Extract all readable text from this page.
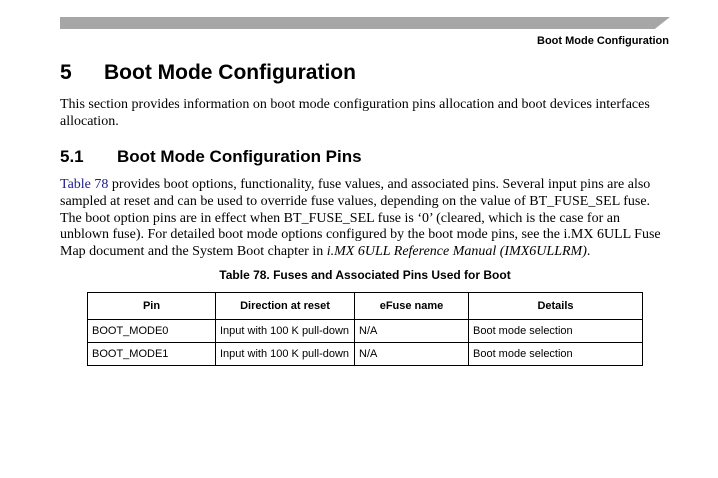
Boot Mode Configuration
5 Boot Mode Configuration

This section provides information on boot mode configuration pins allocation and boot devices interfaces allocation.

5.1 Boot Mode Configuration Pins

Table 78 provides boot options, functionality, fuse values, and associated pins. Several input pins are also
sampled at reset and can be used to override fuse values, depending on the value of BT_FUSE_SEL fuse.
The boot option pins are in effect when BT_FUSE_SEL fuse is ‘0’ (cleared, which is the case for an
unblown fuse). For detailed boot mode options configured by the boot mode pins, see the i.MX 6ULL Fuse
Map document and the System Boot chapter in i.MX 6ULL Reference Manual (IMX6ULLRM).

Table 78. Fuses and Associated Pins Used for Boot

Pin	Direction at reset	eFuse name	Details
BOOT_MODE0	Input with 100 K pull-down	N/A	Boot mode selection
BOOT_MODE1	Input with 100 K pull-down	N/A	Boot mode selection
